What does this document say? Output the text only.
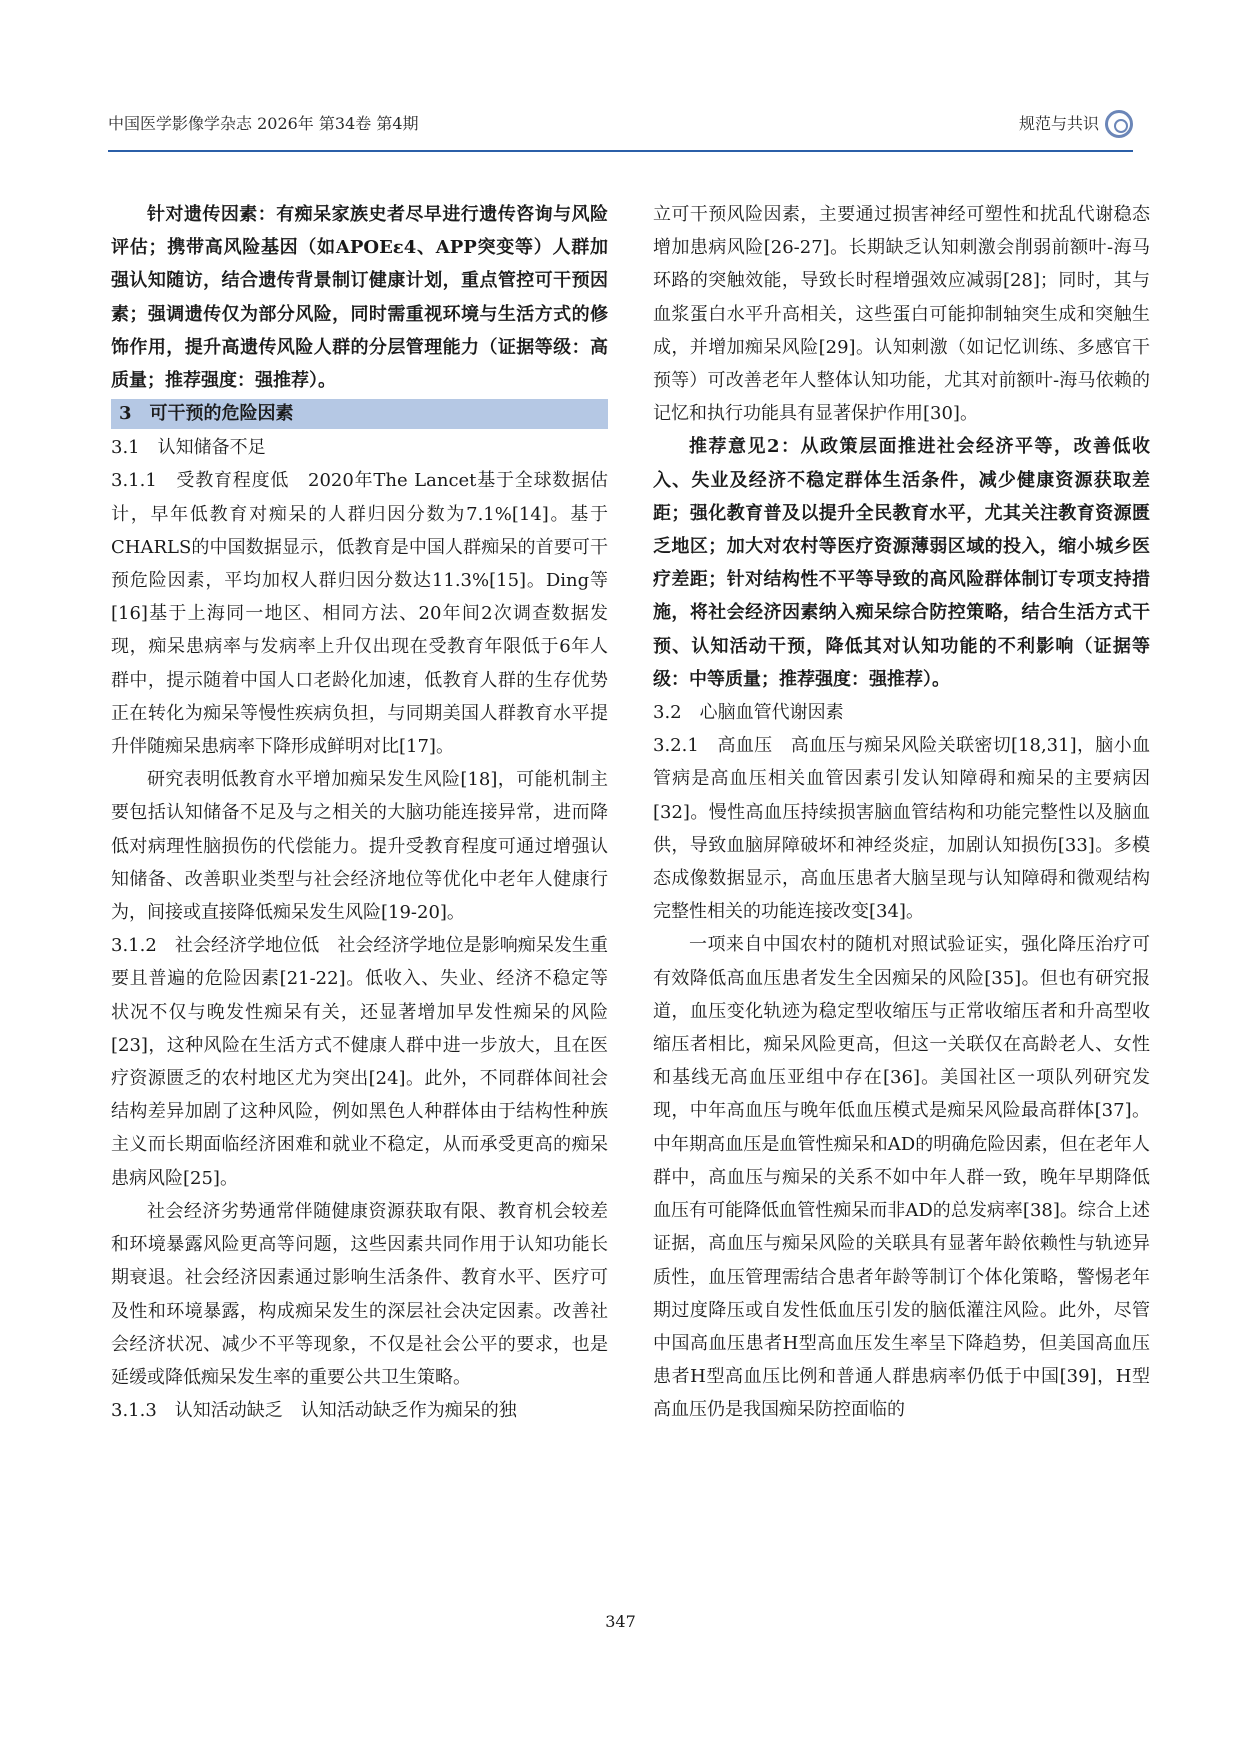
中国医学影像学杂志 2026年 第34卷 第4期	规范与共识

针对遗传因素：有痴呆家族史者尽早进行遗传咨询与风险评估；携带高风险基因（如APOEε4、APP突变等）人群加强认知随访，结合遗传背景制订健康计划，重点管控可干预因素；强调遗传仅为部分风险，同时需重视环境与生活方式的修饰作用，提升高遗传风险人群的分层管理能力（证据等级：高质量；推荐强度：强推荐）。

3　可干预的危险因素

3.1　认知储备不足

3.1.1　受教育程度低　2020年The Lancet基于全球数据估计，早年低教育对痴呆的人群归因分数为7.1%[14]。基于CHARLS的中国数据显示，低教育是中国人群痴呆的首要可干预危险因素，平均加权人群归因分数达11.3%[15]。Ding等[16]基于上海同一地区、相同方法、20年间2次调查数据发现，痴呆患病率与发病率上升仅出现在受教育年限低于6年人群中，提示随着中国人口老龄化加速，低教育人群的生存优势正在转化为痴呆等慢性疾病负担，与同期美国人群教育水平提升伴随痴呆患病率下降形成鲜明对比[17]。

研究表明低教育水平增加痴呆发生风险[18]，可能机制主要包括认知储备不足及与之相关的大脑功能连接异常，进而降低对病理性脑损伤的代偿能力。提升受教育程度可通过增强认知储备、改善职业类型与社会经济地位等优化中老年人健康行为，间接或直接降低痴呆发生风险[19-20]。

3.1.2　社会经济学地位低　社会经济学地位是影响痴呆发生重要且普遍的危险因素[21-22]。低收入、失业、经济不稳定等状况不仅与晚发性痴呆有关，还显著增加早发性痴呆的风险[23]，这种风险在生活方式不健康人群中进一步放大，且在医疗资源匮乏的农村地区尤为突出[24]。此外，不同群体间社会结构差异加剧了这种风险，例如黑色人种群体由于结构性种族主义而长期面临经济困难和就业不稳定，从而承受更高的痴呆患病风险[25]。

社会经济劣势通常伴随健康资源获取有限、教育机会较差和环境暴露风险更高等问题，这些因素共同作用于认知功能长期衰退。社会经济因素通过影响生活条件、教育水平、医疗可及性和环境暴露，构成痴呆发生的深层社会决定因素。改善社会经济状况、减少不平等现象，不仅是社会公平的要求，也是延缓或降低痴呆发生率的重要公共卫生策略。

3.1.3　认知活动缺乏　认知活动缺乏作为痴呆的独

立可干预风险因素，主要通过损害神经可塑性和扰乱代谢稳态增加患病风险[26-27]。长期缺乏认知刺激会削弱前额叶-海马环路的突触效能，导致长时程增强效应减弱[28]；同时，其与血浆蛋白水平升高相关，这些蛋白可能抑制轴突生成和突触生成，并增加痴呆风险[29]。认知刺激（如记忆训练、多感官干预等）可改善老年人整体认知功能，尤其对前额叶-海马依赖的记忆和执行功能具有显著保护作用[30]。

推荐意见2：从政策层面推进社会经济平等，改善低收入、失业及经济不稳定群体生活条件，减少健康资源获取差距；强化教育普及以提升全民教育水平，尤其关注教育资源匮乏地区；加大对农村等医疗资源薄弱区域的投入，缩小城乡医疗差距；针对结构性不平等导致的高风险群体制订专项支持措施，将社会经济因素纳入痴呆综合防控策略，结合生活方式干预、认知活动干预，降低其对认知功能的不利影响（证据等级：中等质量；推荐强度：强推荐）。

3.2　心脑血管代谢因素

3.2.1　高血压　高血压与痴呆风险关联密切[18,31]，脑小血管病是高血压相关血管因素引发认知障碍和痴呆的主要病因[32]。慢性高血压持续损害脑血管结构和功能完整性以及脑血供，导致血脑屏障破坏和神经炎症，加剧认知损伤[33]。多模态成像数据显示，高血压患者大脑呈现与认知障碍和微观结构完整性相关的功能连接改变[34]。

一项来自中国农村的随机对照试验证实，强化降压治疗可有效降低高血压患者发生全因痴呆的风险[35]。但也有研究报道，血压变化轨迹为稳定型收缩压与正常收缩压者和升高型收缩压者相比，痴呆风险更高，但这一关联仅在高龄老人、女性和基线无高血压亚组中存在[36]。美国社区一项队列研究发现，中年高血压与晚年低血压模式是痴呆风险最高群体[37]。中年期高血压是血管性痴呆和AD的明确危险因素，但在老年人群中，高血压与痴呆的关系不如中年人群一致，晚年早期降低血压有可能降低血管性痴呆而非AD的总发病率[38]。综合上述证据，高血压与痴呆风险的关联具有显著年龄依赖性与轨迹异质性，血压管理需结合患者年龄等制订个体化策略，警惕老年期过度降压或自发性低血压引发的脑低灌注风险。此外，尽管中国高血压患者H型高血压发生率呈下降趋势，但美国高血压患者H型高血压比例和普通人群患病率仍低于中国[39]，H型高血压仍是我国痴呆防控面临的

347
